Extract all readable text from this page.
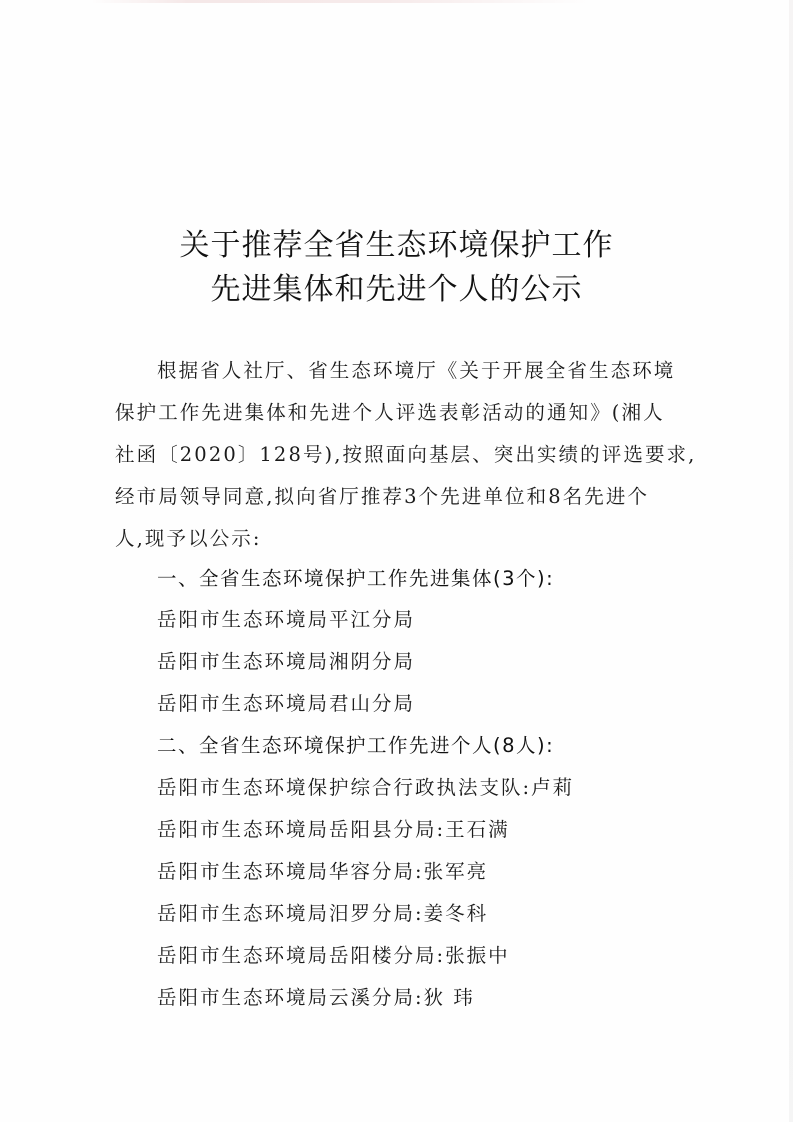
关于推荐全省生态环境保护工作
先进集体和先进个人的公示
根据省人社厅、省生态环境厅《关于开展全省生态环境
保护工作先进集体和先进个人评选表彰活动的通知》(湘人
社函〔2020〕128号),按照面向基层、突出实绩的评选要求,
经市局领导同意,拟向省厅推荐3个先进单位和8名先进个
人,现予以公示:
一、全省生态环境保护工作先进集体(3个):
岳阳市生态环境局平江分局
岳阳市生态环境局湘阴分局
岳阳市生态环境局君山分局
二、全省生态环境保护工作先进个人(8人):
岳阳市生态环境保护综合行政执法支队:卢莉
岳阳市生态环境局岳阳县分局:王石满
岳阳市生态环境局华容分局:张军亮
岳阳市生态环境局汨罗分局:姜冬科
岳阳市生态环境局岳阳楼分局:张振中
岳阳市生态环境局云溪分局:狄 玮
